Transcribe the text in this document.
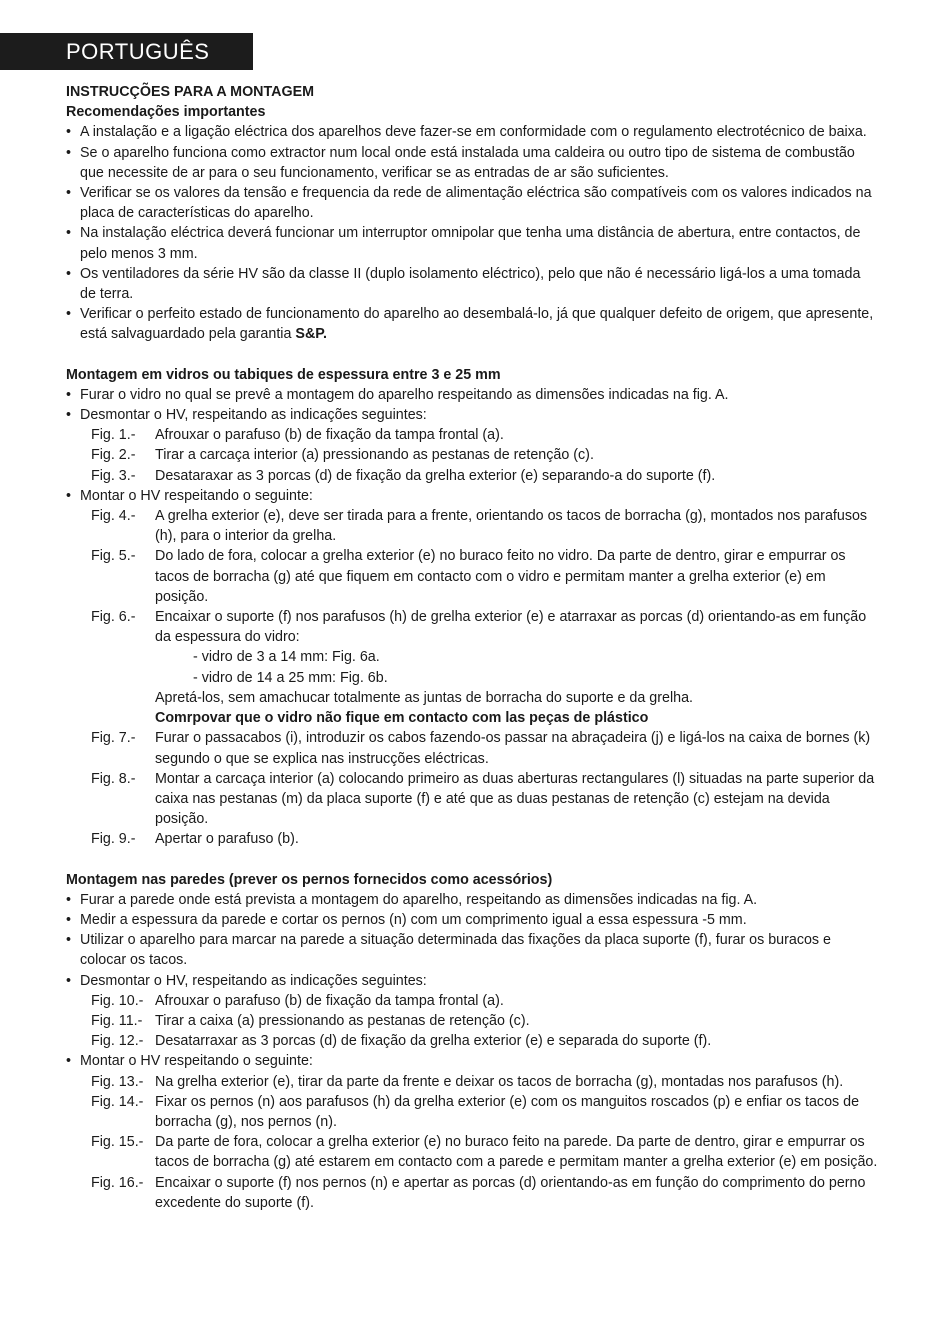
PORTUGUÊS

INSTRUCÇÕES PARA A MONTAGEM

Recomendações importantes

• A instalação e a ligação eléctrica dos aparelhos deve fazer-se em conformidade com o regulamento electrotécnico de baixa.

• Se o aparelho funciona como extractor num local onde está instalada uma caldeira ou outro tipo de sistema de combustão que necessite de ar para o seu funcionamento, verificar se as entradas de ar são suficientes.

• Verificar se os valores da tensão e frequencia da rede de alimentação eléctrica são compatíveis com os valores indicados na placa de características do aparelho.

• Na instalação eléctrica deverá funcionar um interruptor omnipolar que tenha uma distância de abertura, entre contactos, de pelo menos 3 mm.

• Os ventiladores da série HV são da classe II (duplo isolamento eléctrico), pelo que não é necessário ligá-los a uma tomada de terra.

• Verificar o perfeito estado de funcionamento do aparelho ao desembalá-lo, já que qualquer defeito de origem, que apresente, está salvaguardado pela garantia S&P.

Montagem em vidros ou tabiques de espessura entre 3 e 25 mm

• Furar o vidro no qual se prevê a montagem do aparelho respeitando as dimensões indicadas na fig. A.

• Desmontar o HV, respeitando as indicações seguintes:

Fig. 1.- Afrouxar o parafuso (b) de fixação da tampa frontal (a).

Fig. 2.- Tirar a carcaça interior (a) pressionando as pestanas de retenção (c).

Fig. 3.- Desataraxar as 3 porcas (d) de fixação da grelha exterior (e) separando-a do suporte (f).

• Montar o HV respeitando o seguinte:

Fig. 4.- A grelha exterior (e), deve ser tirada para a frente, orientando os tacos de borracha (g), montados nos parafusos (h), para o interior da grelha.

Fig. 5.- Do lado de fora, colocar a grelha exterior (e) no buraco feito no vidro. Da parte de dentro, girar e empurrar os tacos de borracha (g) até que fiquem em contacto com o vidro e permitam manter a grelha exterior (e) em posição.

Fig. 6.- Encaixar o suporte (f) nos parafusos (h) de grelha exterior (e) e atarraxar as porcas (d) orientando-as em função da espessura do vidro:

- vidro de 3 a 14 mm: Fig. 6a.

- vidro de 14 a 25 mm: Fig. 6b.

Apretá-los, sem amachucar totalmente as juntas de borracha do suporte e da grelha.

Comrpovar que o vidro não fique em contacto com las peças de plástico

Fig. 7.- Furar o passacabos (i), introduzir os cabos fazendo-os passar na abraçadeira (j) e ligá-los na caixa de bornes (k) segundo o que se explica nas instrucções eléctricas.

Fig. 8.- Montar a carcaça interior (a) colocando primeiro as duas aberturas rectangulares (l) situadas na parte superior da caixa nas pestanas (m) da placa suporte (f) e até que as duas pestanas de retenção (c) estejam na devida posição.

Fig. 9.- Apertar o parafuso (b).

Montagem nas paredes (prever os pernos fornecidos como acessórios)

• Furar a parede onde está prevista a montagem do aparelho, respeitando as dimensões indicadas na fig. A.

• Medir a espessura da parede e cortar os pernos (n) com um comprimento igual a essa espessura -5 mm.

• Utilizar o aparelho para marcar na parede a situação determinada das fixações da placa suporte (f), furar os buracos e colocar os tacos.

• Desmontar o HV, respeitando as indicações seguintes:

Fig. 10.- Afrouxar o parafuso (b) de fixação da tampa frontal (a).

Fig. 11.- Tirar a caixa (a) pressionando as pestanas de retenção (c).

Fig. 12.- Desatarraxar as 3 porcas (d) de fixação da grelha exterior (e) e separada do suporte (f).

• Montar o HV respeitando o seguinte:

Fig. 13.- Na grelha exterior (e), tirar da parte da frente e deixar os tacos de borracha (g), montadas nos parafusos (h).

Fig. 14.- Fixar os pernos (n) aos parafusos (h) da grelha exterior (e) com os manguitos roscados (p) e enfiar os tacos de borracha (g), nos pernos (n).

Fig. 15.- Da parte de fora, colocar a grelha exterior (e) no buraco feito na parede. Da parte de dentro, girar e empurrar os tacos de borracha (g) até estarem em contacto com a parede e permitam manter a grelha exterior (e) em posição.

Fig. 16.- Encaixar o suporte (f) nos pernos (n) e apertar as porcas (d) orientando-as em função do comprimento do perno excedente do suporte (f).
